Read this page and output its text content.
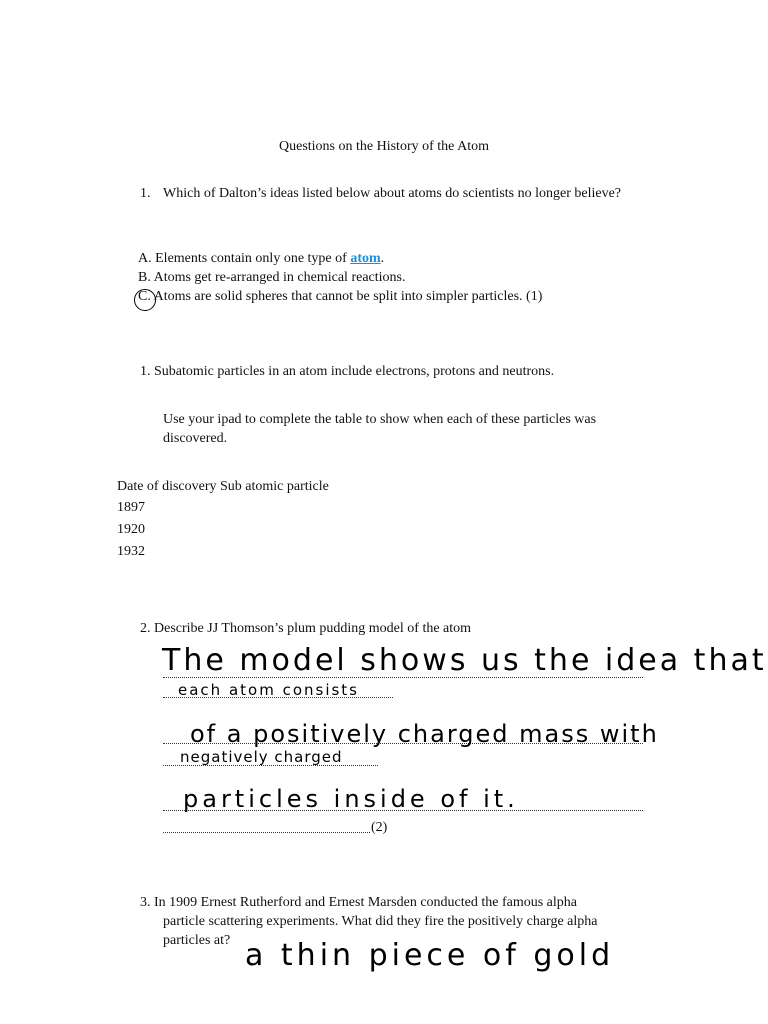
Questions on the History of the Atom
1. Which of Dalton’s ideas listed below about atoms do scientists no longer believe?
A. Elements contain only one type of atom.
B. Atoms get re-arranged in chemical reactions.
C. Atoms are solid spheres that cannot be split into simpler particles. (1)
1. Subatomic particles in an atom include electrons, protons and neutrons.
Use your ipad to complete the table to show when each of these particles was
discovered.
Date of discovery Sub atomic particle
1897
1920
1932
2. Describe JJ Thomson’s plum pudding model of the atom
(2)
The model shows us the idea that
each atom consists
of a positively charged mass with
negatively charged
particles inside of it.
3. In 1909 Ernest Rutherford and Ernest Marsden conducted the famous alpha
particle scattering experiments. What did they fire the positively charge alpha
particles at? a thin piece of gold
